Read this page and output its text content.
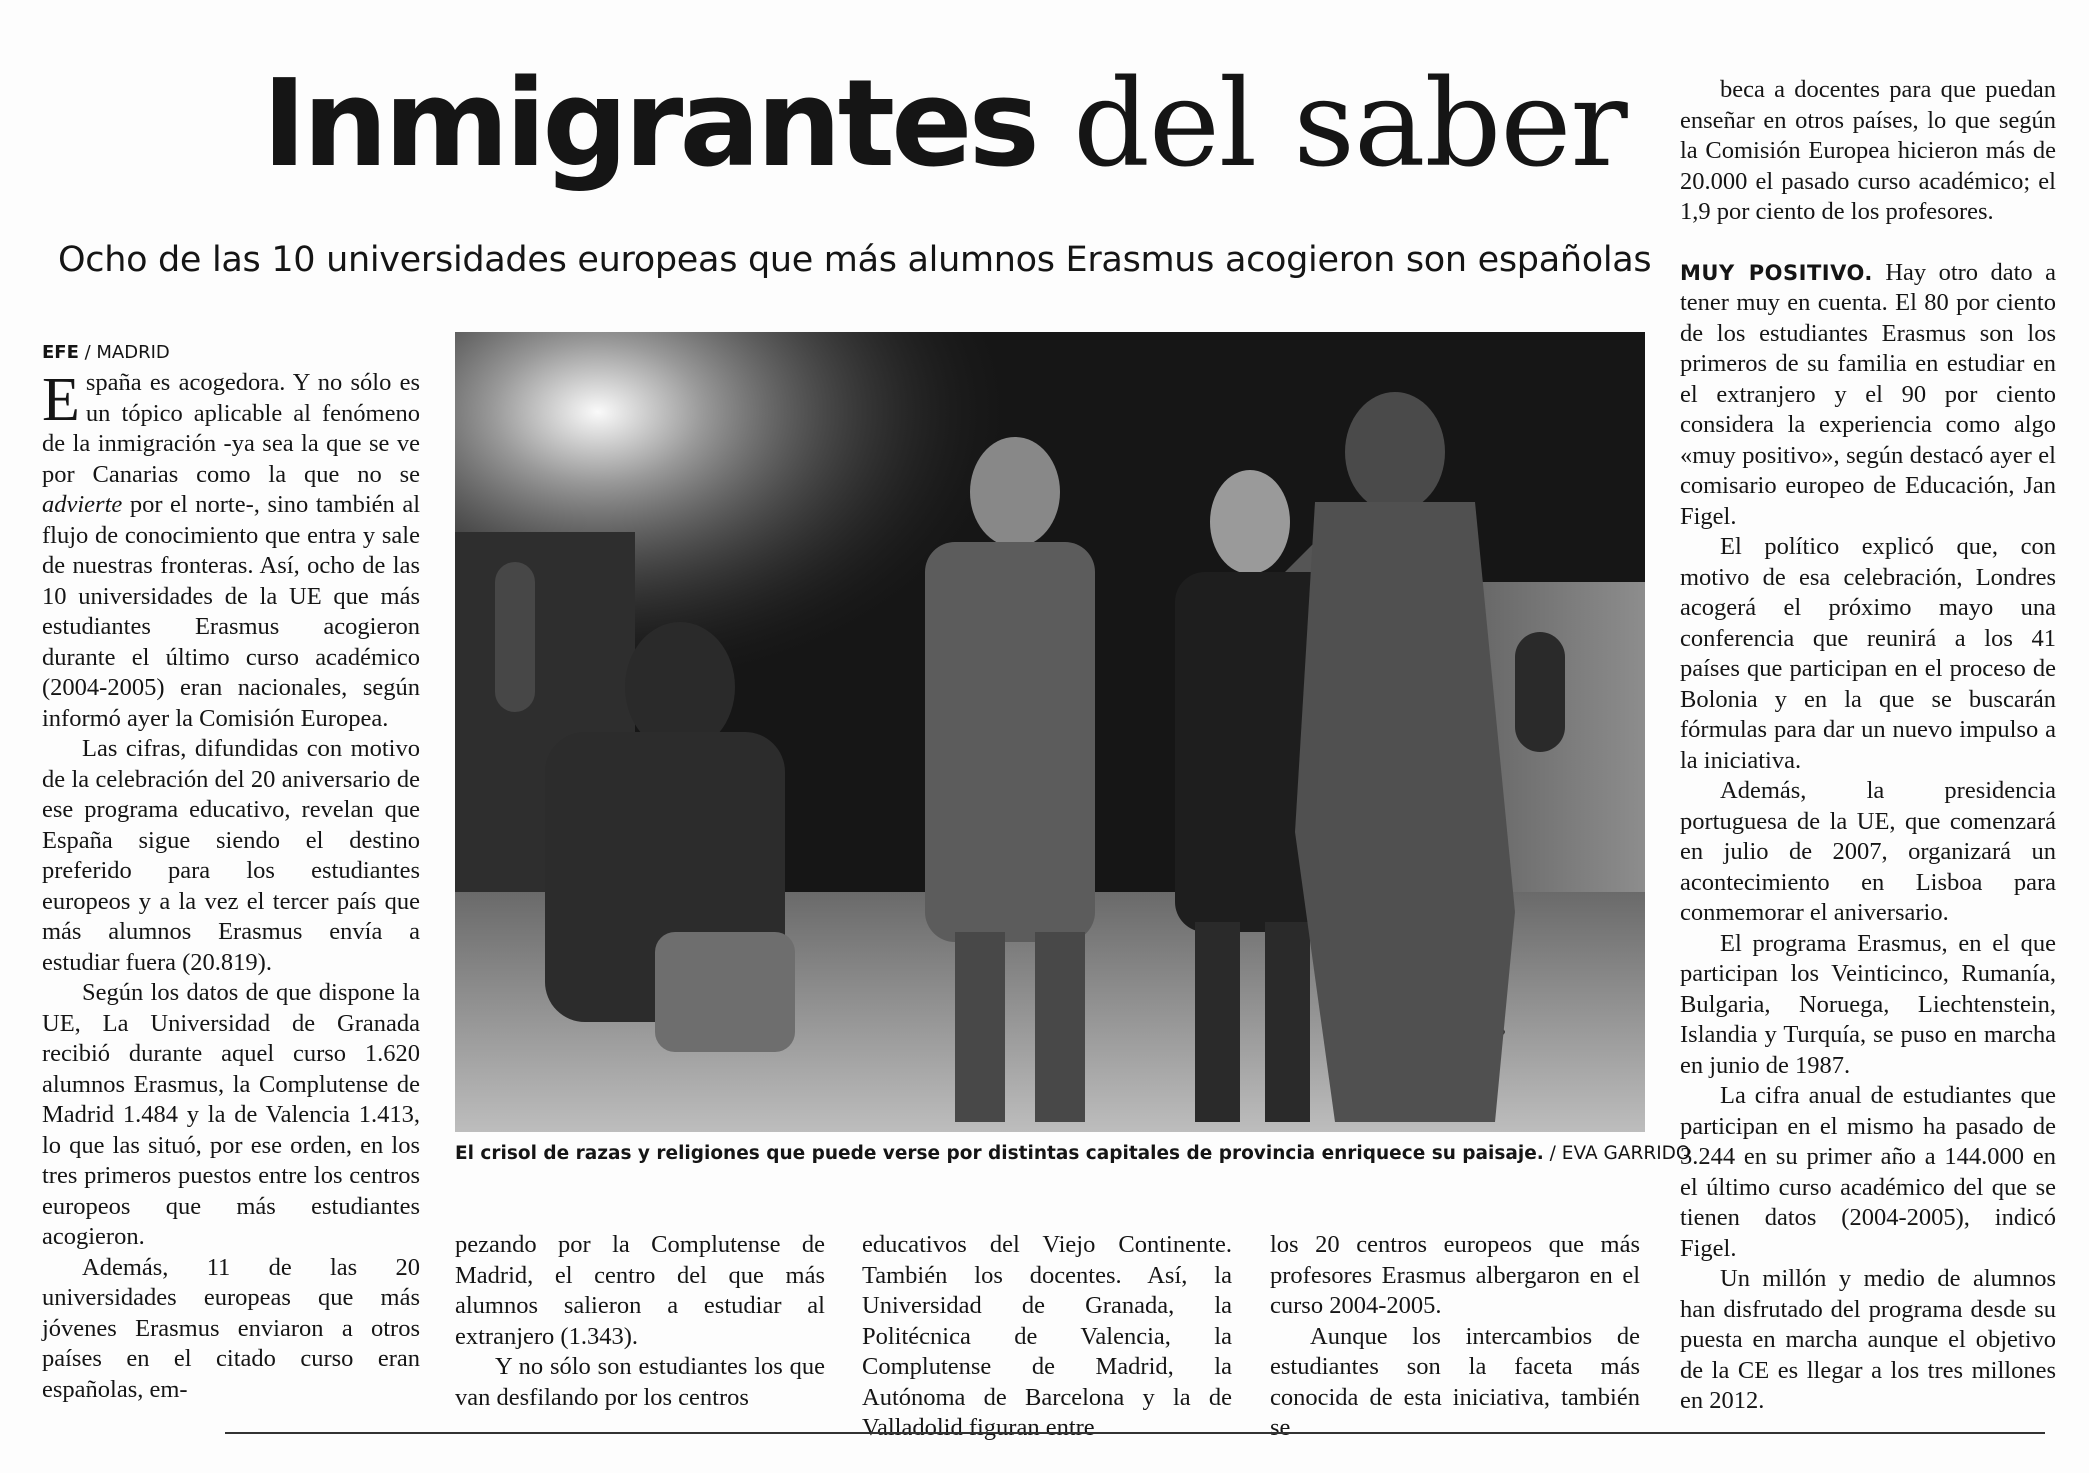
Inmigrantes del saber
Ocho de las 10 universidades europeas que más alumnos Erasmus acogieron son españolas
EFE / MADRID

España es acogedora. Y no sólo es un tópico aplicable al fenómeno de la inmigración -ya sea la que se ve por Canarias como la que no se advierte por el norte-, sino también al flujo de conocimiento que entra y sale de nuestras fronteras. Así, ocho de las 10 universidades de la UE que más estudiantes Erasmus acogieron durante el último curso académico (2004-2005) eran nacionales, según informó ayer la Comisión Europea.

Las cifras, difundidas con motivo de la celebración del 20 aniversario de ese programa educativo, revelan que España sigue siendo el destino preferido para los estudiantes europeos y a la vez el tercer país que más alumnos Erasmus envía a estudiar fuera (20.819).

Según los datos de que dispone la UE, La Universidad de Granada recibió durante aquel curso 1.620 alumnos Erasmus, la Complutense de Madrid 1.484 y la de Valencia 1.413, lo que las situó, por ese orden, en los tres primeros puestos entre los centros europeos que más estudiantes acogieron.

Además, 11 de las 20 universidades europeas que más jóvenes Erasmus enviaron a otros países en el citado curso eran españolas, em-

El crisol de razas y religiones que puede verse por distintas capitales de provincia enriquece su paisaje. / EVA GARRIDO

pezando por la Complutense de Madrid, el centro del que más alumnos salieron a estudiar al extranjero (1.343).

Y no sólo son estudiantes los que van desfilando por los centros

educativos del Viejo Continente. También los docentes. Así, la Universidad de Granada, la Politécnica de Valencia, la Complutense de Madrid, la Autónoma de Barcelona y la de Valladolid figuran entre

los 20 centros europeos que más profesores Erasmus albergaron en el curso 2004-2005.

Aunque los intercambios de estudiantes son la faceta más conocida de esta iniciativa, también se

beca a docentes para que puedan enseñar en otros países, lo que según la Comisión Europea hicieron más de 20.000 el pasado curso académico; el 1,9 por ciento de los profesores.

MUY POSITIVO. Hay otro dato a tener muy en cuenta. El 80 por ciento de los estudiantes Erasmus son los primeros de su familia en estudiar en el extranjero y el 90 por ciento considera la experiencia como algo «muy positivo», según destacó ayer el comisario europeo de Educación, Jan Figel.

El político explicó que, con motivo de esa celebración, Londres acogerá el próximo mayo una conferencia que reunirá a los 41 países que participan en el proceso de Bolonia y en la que se buscarán fórmulas para dar un nuevo impulso a la iniciativa.

Además, la presidencia portuguesa de la UE, que comenzará en julio de 2007, organizará un acontecimiento en Lisboa para conmemorar el aniversario.

El programa Erasmus, en el que participan los Veinticinco, Rumanía, Bulgaria, Noruega, Liechtenstein, Islandia y Turquía, se puso en marcha en junio de 1987.

La cifra anual de estudiantes que participan en el mismo ha pasado de 3.244 en su primer año a 144.000 en el último curso académico del que se tienen datos (2004-2005), indicó Figel.

Un millón y medio de alumnos han disfrutado del programa desde su puesta en marcha aunque el objetivo de la CE es llegar a los tres millones en 2012.
